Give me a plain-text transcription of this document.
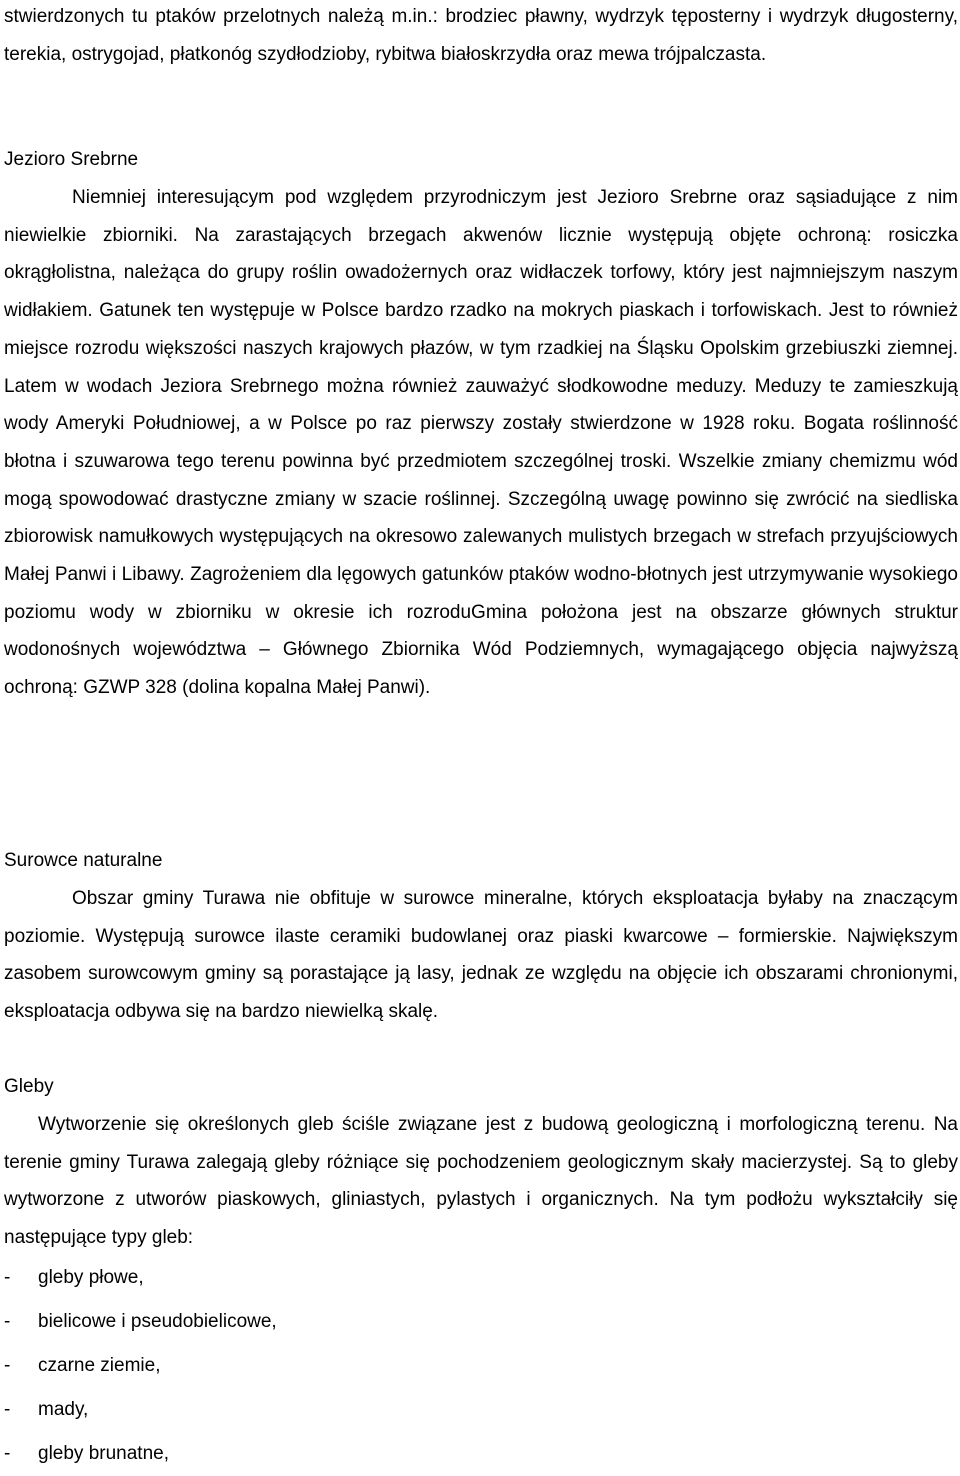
stwierdzonych tu ptaków przelotnych należą m.in.: brodziec pławny, wydrzyk tęposterny i wydrzyk długosterny, terekia, ostrygojad, płatkonóg szydłodzioby, rybitwa białoskrzydła oraz mewa trójpalczasta.

Jezioro Srebrne

Niemniej interesującym pod względem przyrodniczym jest Jezioro Srebrne oraz sąsiadujące z nim niewielkie zbiorniki. Na zarastających brzegach akwenów licznie występują objęte ochroną: rosiczka okrągłolistna, należąca do grupy roślin owadożernych oraz widłaczek torfowy, który jest najmniejszym naszym widłakiem. Gatunek ten występuje w Polsce bardzo rzadko na mokrych piaskach i torfowiskach. Jest to również miejsce rozrodu większości naszych krajowych płazów, w tym rzadkiej na Śląsku Opolskim grzebiuszki ziemnej. Latem w wodach Jeziora Srebrnego można również zauważyć słodkowodne meduzy. Meduzy te zamieszkują wody Ameryki Południowej, a w Polsce po raz pierwszy zostały stwierdzone w 1928 roku. Bogata roślinność błotna i szuwarowa tego terenu powinna być przedmiotem szczególnej troski. Wszelkie zmiany chemizmu wód mogą spowodować drastyczne zmiany w szacie roślinnej. Szczególną uwagę powinno się zwrócić na siedliska zbiorowisk namułkowych występujących na okresowo zalewanych mulistych brzegach w strefach przyujściowych Małej Panwi i Libawy. Zagrożeniem dla lęgowych gatunków ptaków wodno-błotnych jest utrzymywanie wysokiego poziomu wody w zbiorniku w okresie ich rozroduGmina położona jest na obszarze głównych struktur wodonośnych województwa – Głównego Zbiornika Wód Podziemnych, wymagającego objęcia najwyższą ochroną: GZWP 328 (dolina kopalna Małej Panwi).

Surowce naturalne

Obszar gminy Turawa nie obfituje w surowce mineralne, których eksploatacja byłaby na znaczącym poziomie. Występują surowce ilaste ceramiki budowlanej oraz piaski kwarcowe – formierskie. Największym zasobem surowcowym gminy są porastające ją lasy, jednak ze względu na objęcie ich obszarami chronionymi, eksploatacja odbywa się na bardzo niewielką skalę.

Gleby

Wytworzenie się określonych gleb ściśle związane jest z budową geologiczną i morfologiczną terenu. Na terenie gminy Turawa zalegają gleby różniące się pochodzeniem geologicznym skały macierzystej. Są to gleby wytworzone z utworów piaskowych, gliniastych, pylastych i organicznych. Na tym podłożu wykształciły się następujące typy gleb:

- gleby płowe,
- bielicowe i pseudobielicowe,
- czarne ziemie,
- mady,
- gleby brunatne,
